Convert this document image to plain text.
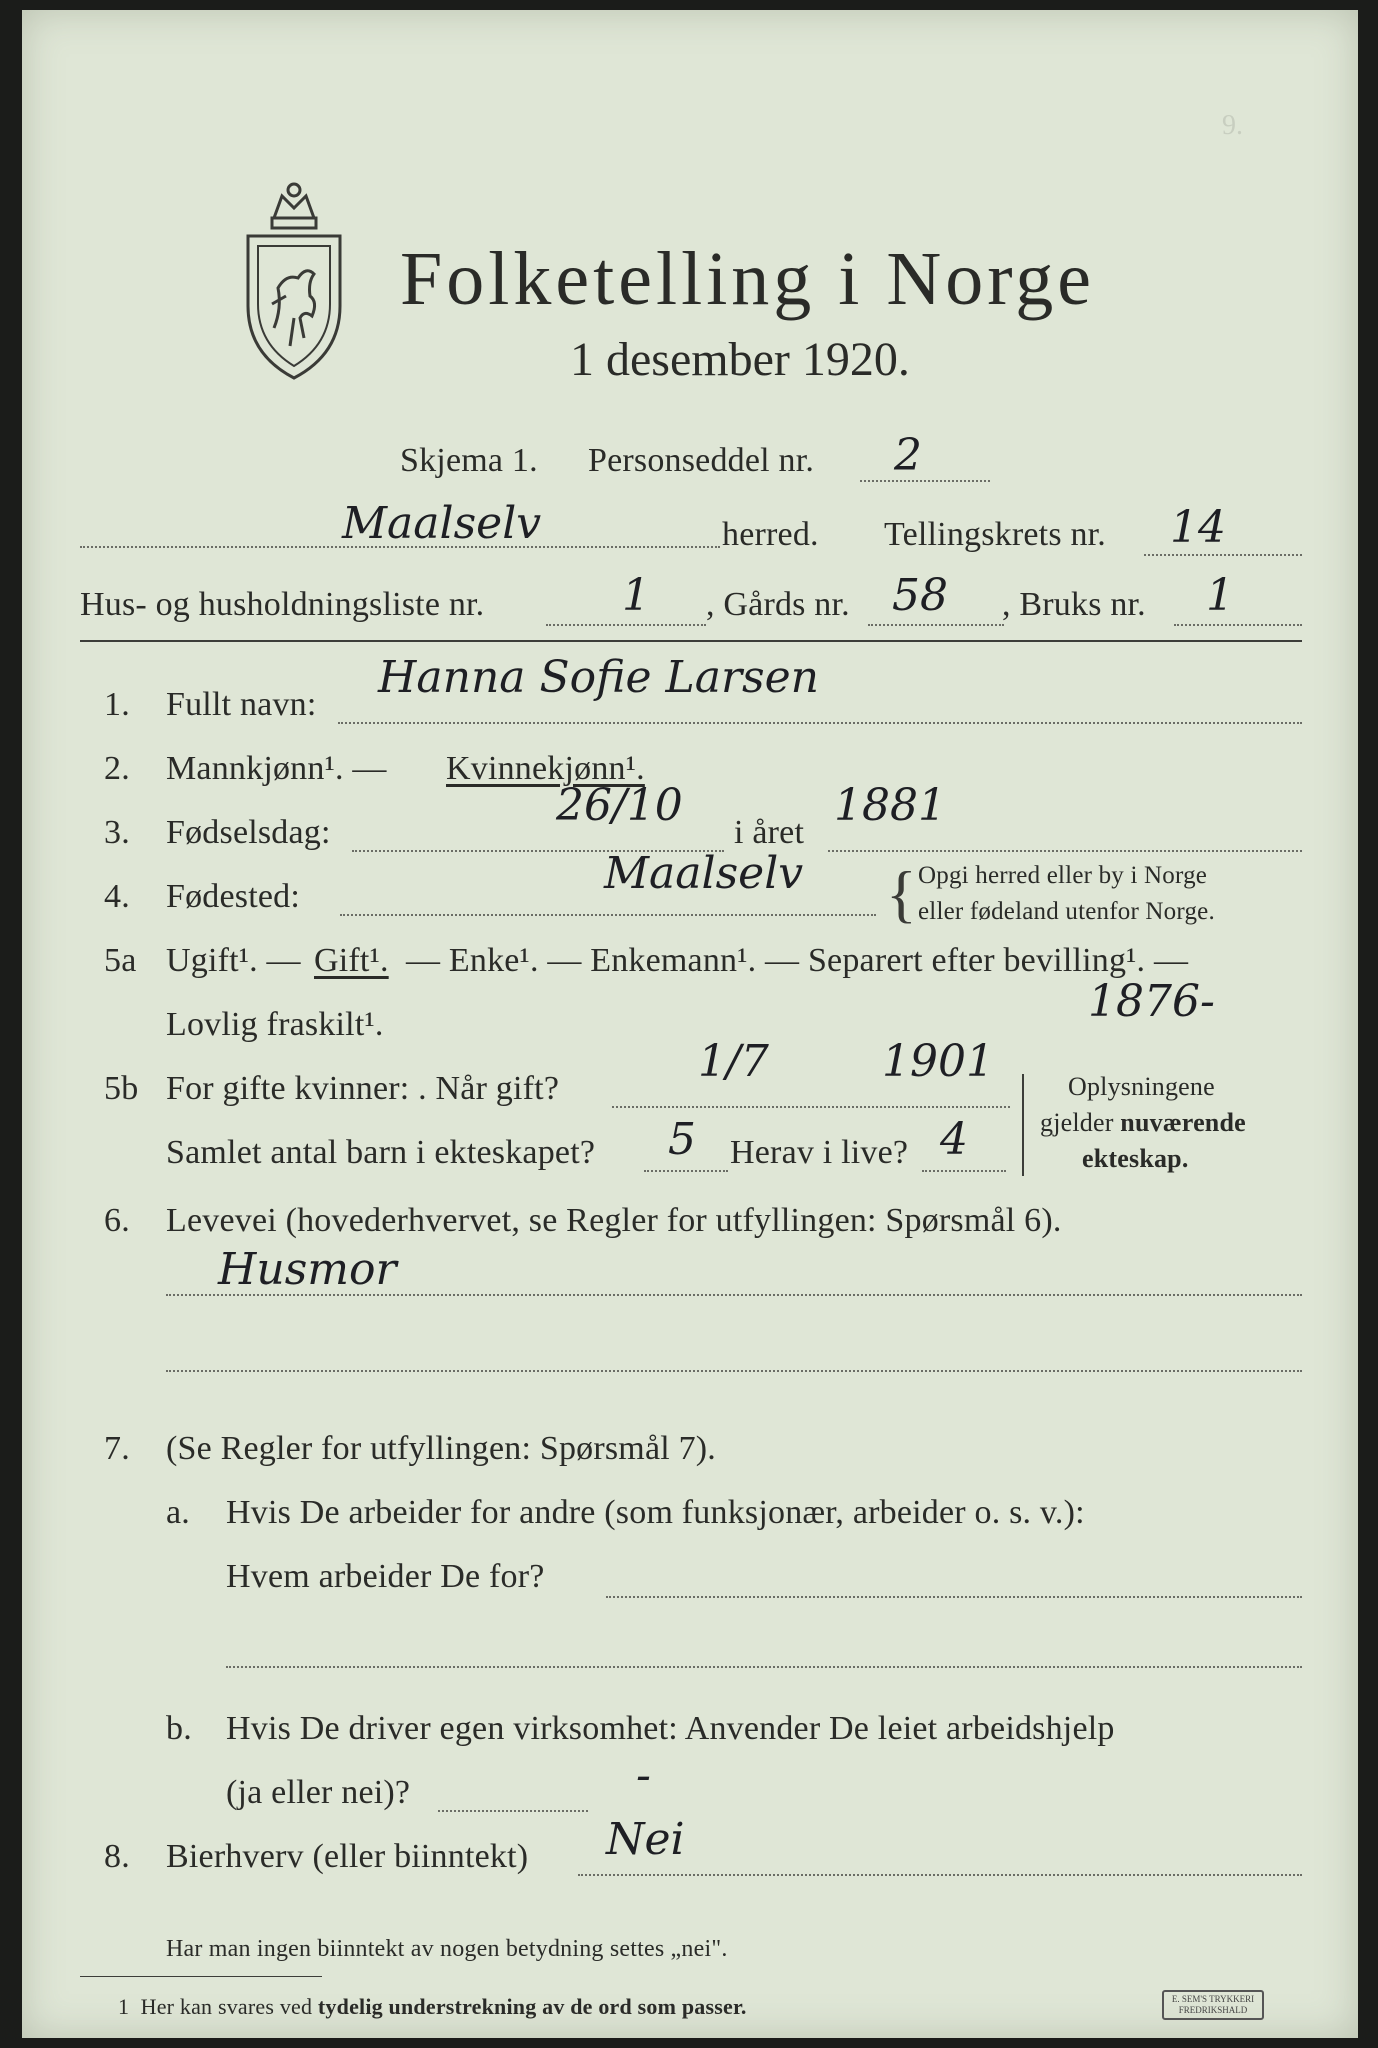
Folketelling i Norge
1 desember 1920.
9.
Skjema 1. Personseddel nr. 2
Maalselv	herred. Tellingskrets nr. 14
Hus- og husholdningsliste nr.	1 , Gårds nr. 58 , Bruks nr. 1
1. Fullt navn:
Hanna Sofie Larsen
2. Mannkjønn¹. — Kvinnekjønn¹.
3. Fødselsdag:
26/10
i året
1881
4. Fødested:	Maalselv { Opgi herred eller by i Norge
eller fødeland utenfor Norge.
5a Ugift¹. — Gift¹. — Enke¹. — Enkemann¹. — Separert efter bevilling¹. —
Lovlig fraskilt¹.	1876-
5b For gifte kvinner: . Når gift?
1/7	1901
Samlet antal barn i ekteskapet? 5 Herav i live? 4
Oplysningene
gjelder nuværende
ekteskap.
6. Levevei (hovederhvervet, se Regler for utfyllingen: Spørsmål 6).
Husmor
7. (Se Regler for utfyllingen: Spørsmål 7).
a. Hvis De arbeider for andre (som funksjonær, arbeider o. s. v.):
Hvem arbeider De for?
b. Hvis De driver egen virksomhet: Anvender De leiet arbeidshjelp
(ja eller nei)?	-
8. Bierhverv (eller biinntekt) Nei
Har man ingen biinntekt av nogen betydning settes „nei".
1 Her kan svares ved tydelig understrekning av de ord som passer.	E. SEM'S TRYKKERI
FREDRIKSHALD
